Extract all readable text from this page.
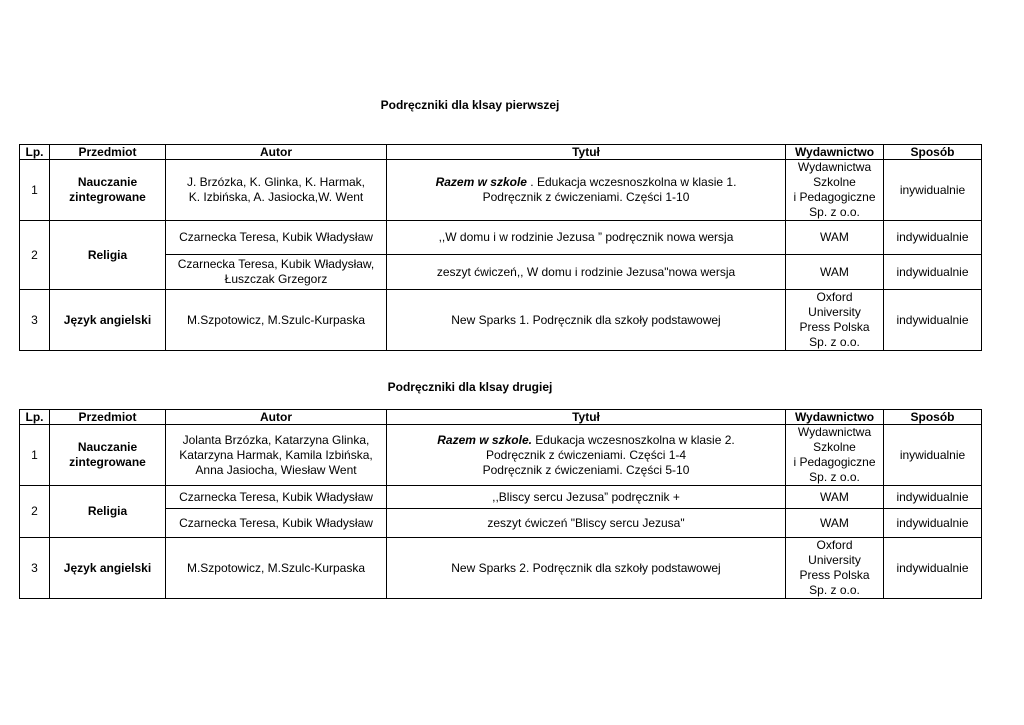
Podręczniki dla klsay pierwszej
Lp.	Przedmiot	Autor	Tytuł	Wydawnictwo	Sposób
1	Nauczanie
zintegrowane	J. Brzózka, K. Glinka, K. Harmak,
K. Izbińska, A. Jasiocka,W. Went	Razem w szkole . Edukacja wczesnoszkolna w klasie 1.
Podręcznik z ćwiczeniami. Części 1-10	Wydawnictwa
Szkolne
i Pedagogiczne
Sp. z o.o.	inywidualnie
2	Religia	Czarnecka Teresa, Kubik Władysław	,,W domu i w rodzinie Jezusa ” podręcznik nowa wersja	WAM	indywidualnie

		Czarnecka Teresa, Kubik Władysław,
Łuszczak Grzegorz	zeszyt ćwiczeń,, W domu i rodzinie Jezusa"nowa wersja	WAM	indywidualnie
3	Język angielski	M.Szpotowicz, M.Szulc-Kurpaska	New Sparks 1. Podręcznik dla szkoły podstawowej	Oxford
University
Press Polska
Sp. z o.o.	indywidualnie
Podręczniki dla klsay drugiej
Lp.	Przedmiot	Autor	Tytuł	Wydawnictwo	Sposób
1	Nauczanie
zintegrowane	Jolanta Brzózka, Katarzyna Glinka,
Katarzyna Harmak, Kamila Izbińska,
Anna Jasiocha, Wiesław Went	Razem w szkole. Edukacja wczesnoszkolna w klasie 2.
Podręcznik z ćwiczeniami. Części 1-4
Podręcznik z ćwiczeniami. Części 5-10	Wydawnictwa
Szkolne
i Pedagogiczne
Sp. z o.o.	inywidualnie
2	Religia	Czarnecka Teresa, Kubik Władysław	,,Bliscy sercu Jezusa” podręcznik +	WAM	indywidualnie
		Czarnecka Teresa, Kubik Władysław	zeszyt ćwiczeń "Bliscy sercu Jezusa"	WAM	indywidualnie
3	Język angielski	M.Szpotowicz, M.Szulc-Kurpaska	New Sparks 2. Podręcznik dla szkoły podstawowej	Oxford
University
Press Polska
Sp. z o.o.	indywidualnie
